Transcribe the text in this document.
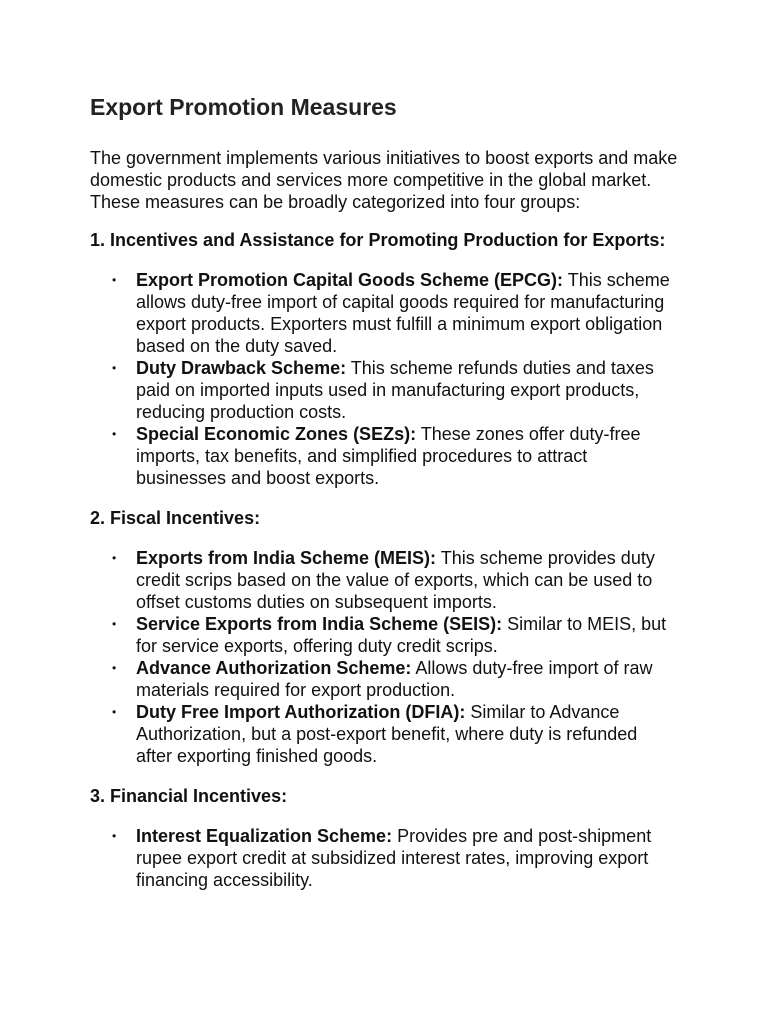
Export Promotion Measures

The government implements various initiatives to boost exports and make domestic products and services more competitive in the global market. These measures can be broadly categorized into four groups:

1. Incentives and Assistance for Promoting Production for Exports:
• Export Promotion Capital Goods Scheme (EPCG): This scheme allows duty-free import of capital goods required for manufacturing export products. Exporters must fulfill a minimum export obligation based on the duty saved.
• Duty Drawback Scheme: This scheme refunds duties and taxes paid on imported inputs used in manufacturing export products, reducing production costs.
• Special Economic Zones (SEZs): These zones offer duty-free imports, tax benefits, and simplified procedures to attract businesses and boost exports.
2. Fiscal Incentives:
• Exports from India Scheme (MEIS): This scheme provides duty credit scrips based on the value of exports, which can be used to offset customs duties on subsequent imports.
• Service Exports from India Scheme (SEIS): Similar to MEIS, but for service exports, offering duty credit scrips.
• Advance Authorization Scheme: Allows duty-free import of raw materials required for export production.
• Duty Free Import Authorization (DFIA): Similar to Advance Authorization, but a post-export benefit, where duty is refunded after exporting finished goods.
3. Financial Incentives:
• Interest Equalization Scheme: Provides pre and post-shipment rupee export credit at subsidized interest rates, improving export financing accessibility.
